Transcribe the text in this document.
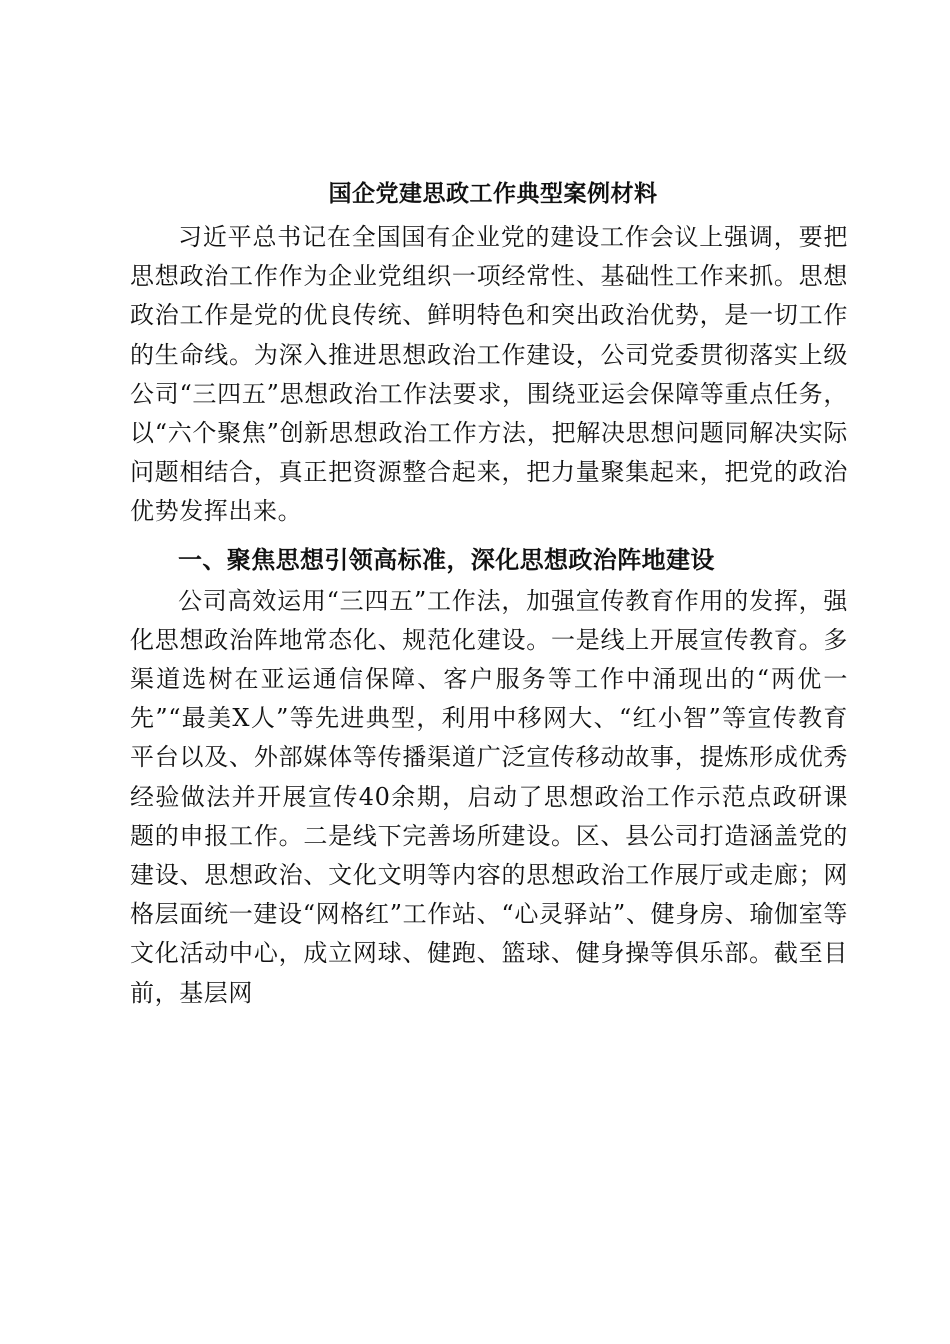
国企党建思政工作典型案例材料

习近平总书记在全国国有企业党的建设工作会议上强调，要把思想政治工作作为企业党组织一项经常性、基础性工作来抓。思想政治工作是党的优良传统、鲜明特色和突出政治优势，是一切工作的生命线。为深入推进思想政治工作建设，公司党委贯彻落实上级公司“三四五”思想政治工作法要求，围绕亚运会保障等重点任务，以“六个聚焦”创新思想政治工作方法，把解决思想问题同解决实际问题相结合，真正把资源整合起来，把力量聚集起来，把党的政治优势发挥出来。

一、聚焦思想引领高标准，深化思想政治阵地建设

公司高效运用“三四五”工作法，加强宣传教育作用的发挥，强化思想政治阵地常态化、规范化建设。一是线上开展宣传教育。多渠道选树在亚运通信保障、客户服务等工作中涌现出的“两优一先”“最美X人”等先进典型，利用中移网大、“红小智”等宣传教育平台以及、外部媒体等传播渠道广泛宣传移动故事，提炼形成优秀经验做法并开展宣传40余期，启动了思想政治工作示范点政研课题的申报工作。二是线下完善场所建设。区、县公司打造涵盖党的建设、思想政治、文化文明等内容的思想政治工作展厅或走廊；网格层面统一建设“网格红”工作站、“心灵驿站”、健身房、瑜伽室等文化活动中心，成立网球、健跑、篮球、健身操等俱乐部。截至目前，基层网
